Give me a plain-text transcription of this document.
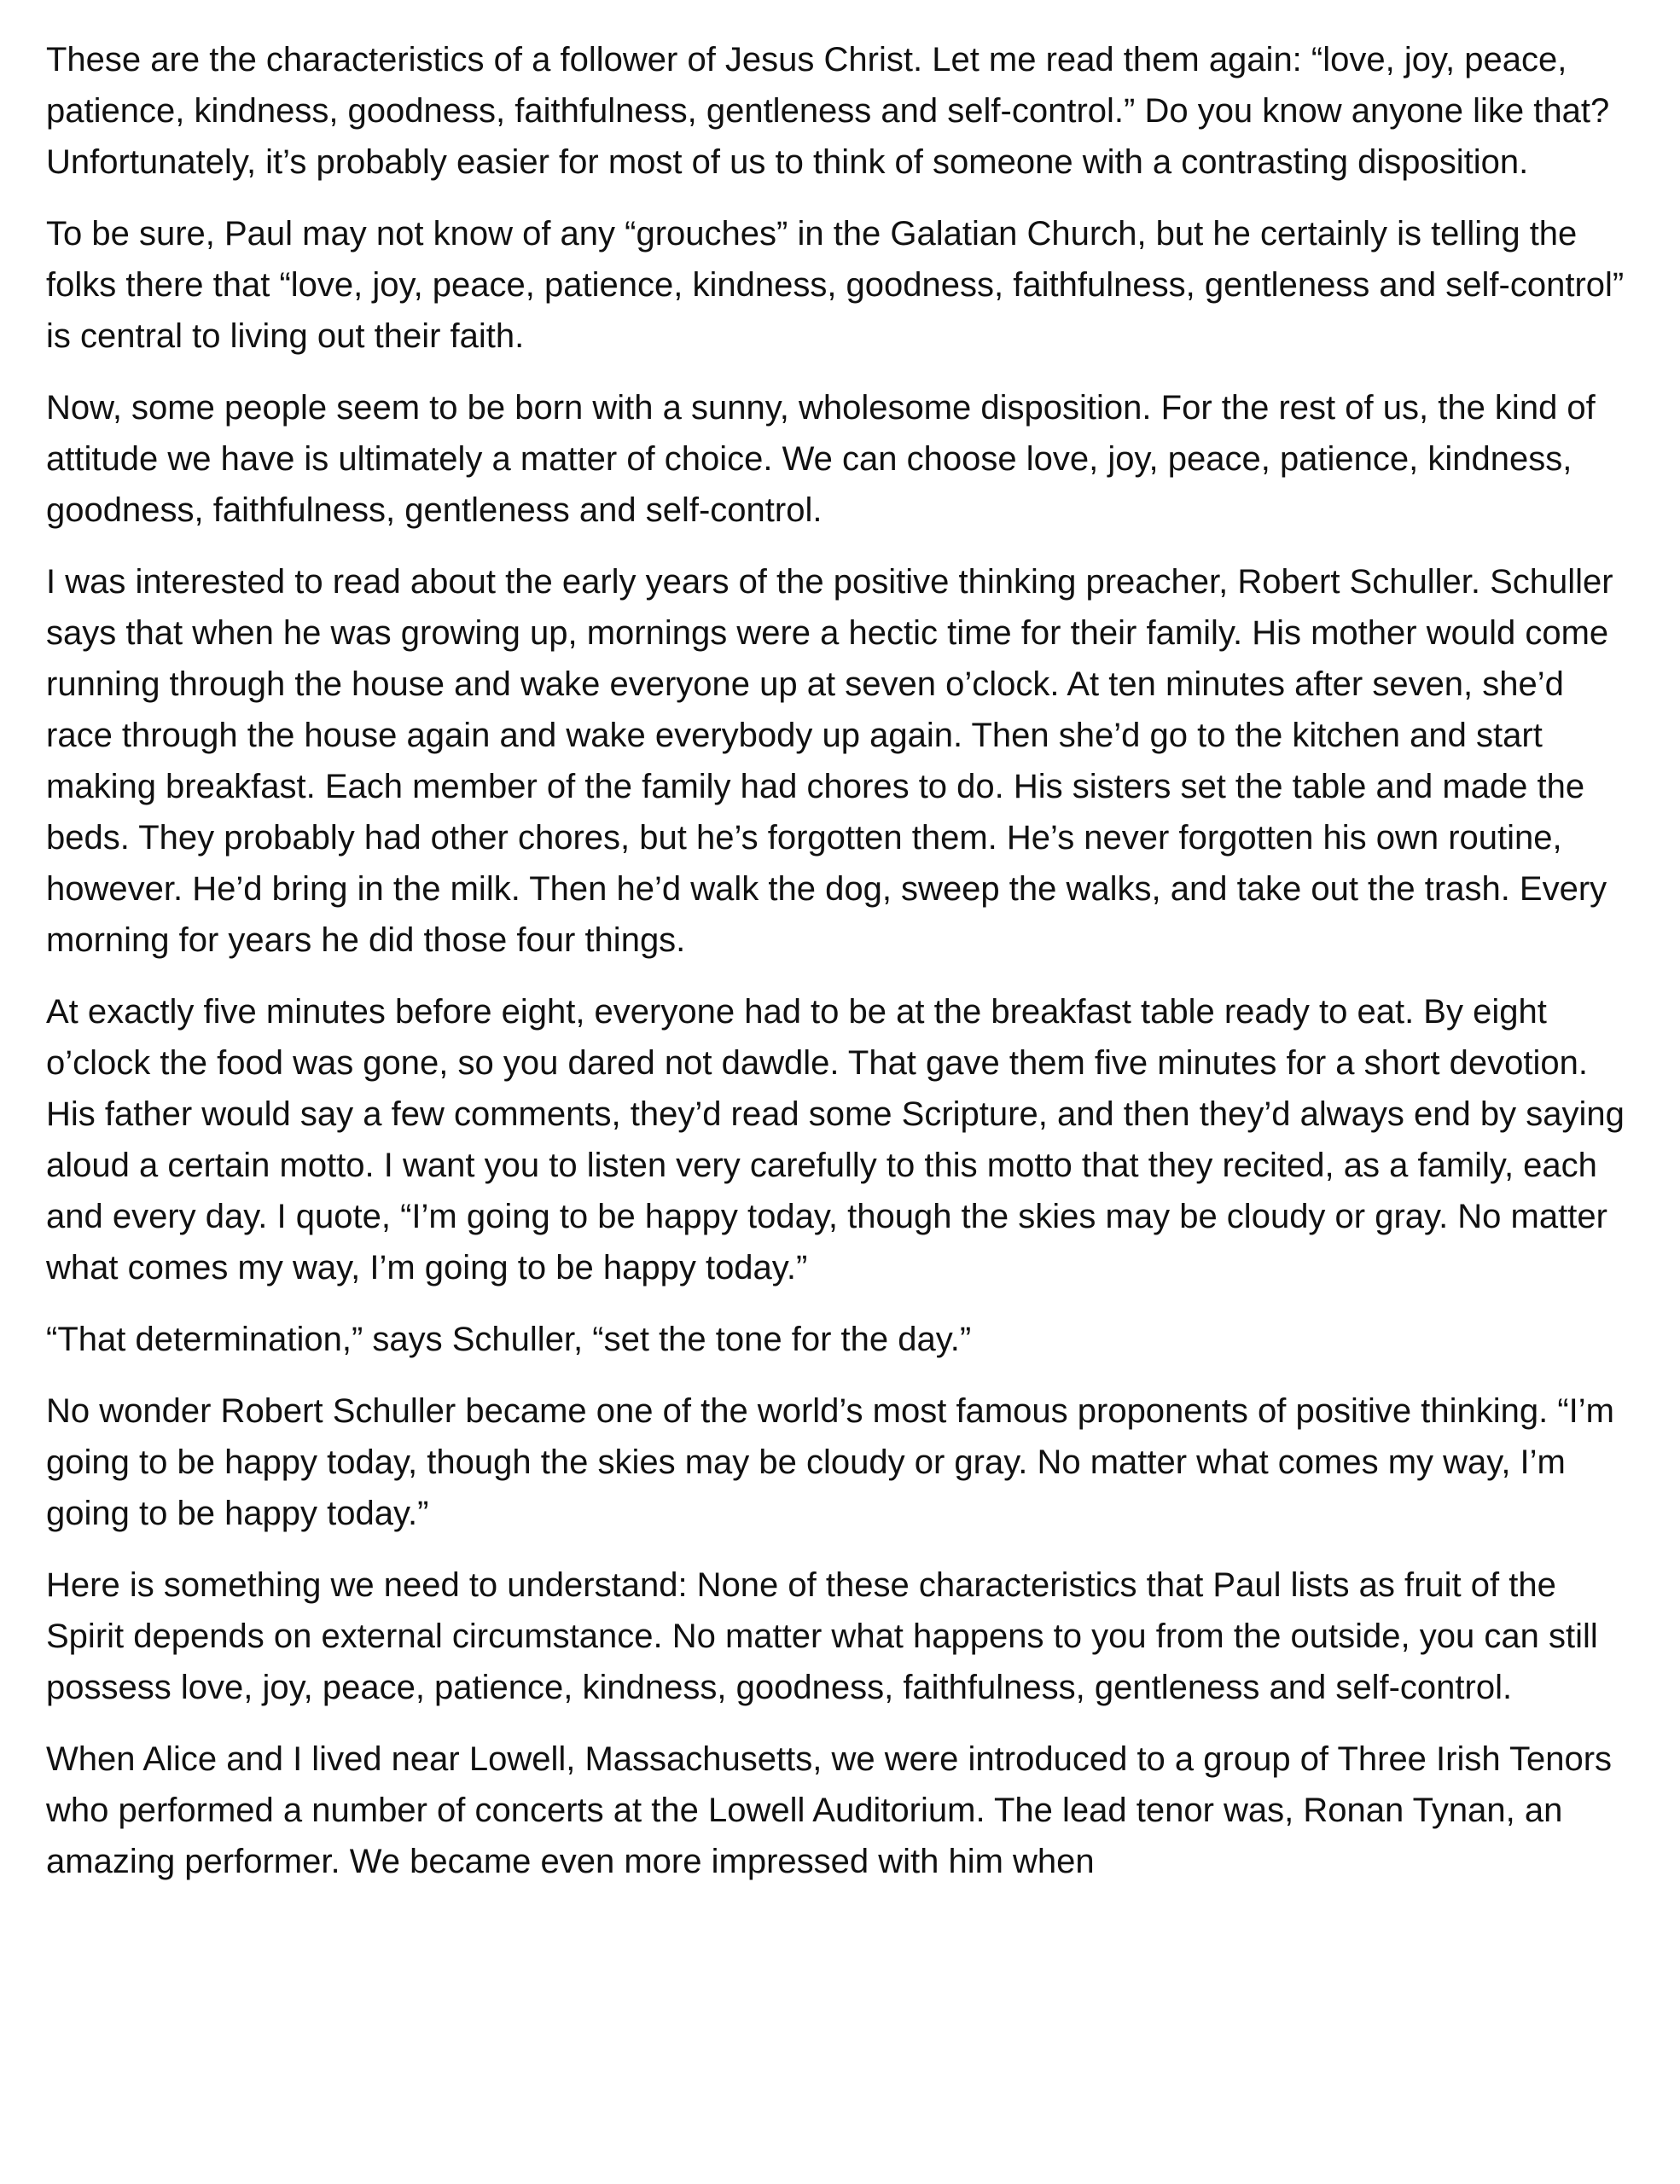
These are the characteristics of a follower of Jesus Christ. Let me read them again: “love, joy, peace, patience, kindness, goodness, faithfulness, gentleness and self-control.” Do you know anyone like that? Unfortunately, it’s probably easier for most of us to think of someone with a contrasting disposition.

To be sure, Paul may not know of any “grouches” in the Galatian Church, but he certainly is telling the folks there that “love, joy, peace, patience, kindness, goodness, faithfulness, gentleness and self-control” is central to living out their faith.

Now, some people seem to be born with a sunny, wholesome disposition. For the rest of us, the kind of attitude we have is ultimately a matter of choice. We can choose love, joy, peace, patience, kindness, goodness, faithfulness, gentleness and self-control.

I was interested to read about the early years of the positive thinking preacher, Robert Schuller. Schuller says that when he was growing up, mornings were a hectic time for their family. His mother would come running through the house and wake everyone up at seven o’clock. At ten minutes after seven, she’d race through the house again and wake everybody up again. Then she’d go to the kitchen and start making breakfast. Each member of the family had chores to do. His sisters set the table and made the beds. They probably had other chores, but he’s forgotten them. He’s never forgotten his own routine, however. He’d bring in the milk. Then he’d walk the dog, sweep the walks, and take out the trash. Every morning for years he did those four things.

At exactly five minutes before eight, everyone had to be at the breakfast table ready to eat. By eight o’clock the food was gone, so you dared not dawdle. That gave them five minutes for a short devotion. His father would say a few comments, they’d read some Scripture, and then they’d always end by saying aloud a certain motto. I want you to listen very carefully to this motto that they recited, as a family, each and every day. I quote, “I’m going to be happy today, though the skies may be cloudy or gray. No matter what comes my way, I’m going to be happy today.”

“That determination,” says Schuller, “set the tone for the day.”

No wonder Robert Schuller became one of the world’s most famous proponents of positive thinking. “I’m going to be happy today, though the skies may be cloudy or gray. No matter what comes my way, I’m going to be happy today.”

Here is something we need to understand: None of these characteristics that Paul lists as fruit of the Spirit depends on external circumstance. No matter what happens to you from the outside, you can still possess love, joy, peace, patience, kindness, goodness, faithfulness, gentleness and self-control.

When Alice and I lived near Lowell, Massachusetts, we were introduced to a group of Three Irish Tenors who performed a number of concerts at the Lowell Auditorium. The lead tenor was, Ronan Tynan, an amazing performer. We became even more impressed with him when
